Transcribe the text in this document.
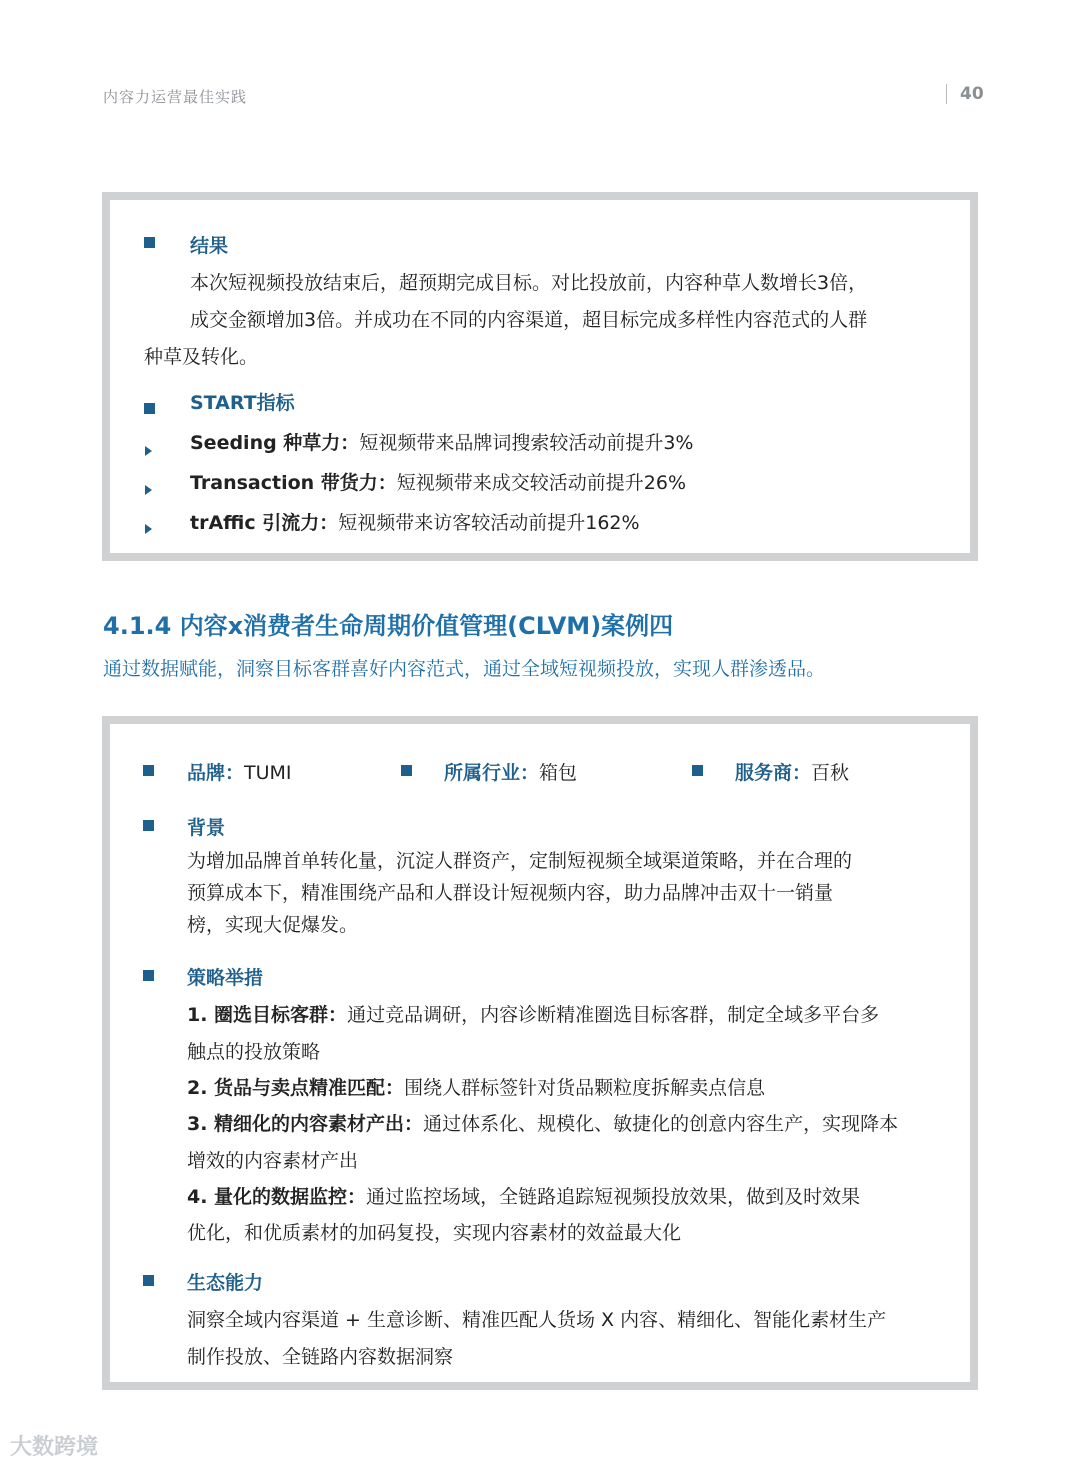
内容力运营最佳实践	40
结果
本次短视频投放结束后，超预期完成目标。对比投放前，内容种草人数增长3倍，
成交金额增加3倍。并成功在不同的内容渠道，超目标完成多样性内容范式的人群
种草及转化。
START指标
Seeding 种草力：短视频带来品牌词搜索较活动前提升3%
Transaction 带货力：短视频带来成交较活动前提升26%
trAffic 引流力：短视频带来访客较活动前提升162%
4.1.4 内容x消费者生命周期价值管理(CLVM)案例四
通过数据赋能，洞察目标客群喜好内容范式，通过全域短视频投放，实现人群渗透品。
品牌：TUMI	所属行业：箱包	服务商：百秋
背景
为增加品牌首单转化量，沉淀人群资产，定制短视频全域渠道策略，并在合理的
预算成本下，精准围绕产品和人群设计短视频内容，助力品牌冲击双十一销量
榜，实现大促爆发。
策略举措
1. 圈选目标客群：通过竞品调研，内容诊断精准圈选目标客群，制定全域多平台多
触点的投放策略
2. 货品与卖点精准匹配：围绕人群标签针对货品颗粒度拆解卖点信息
3. 精细化的内容素材产出：通过体系化、规模化、敏捷化的创意内容生产，实现降本
增效的内容素材产出
4. 量化的数据监控：通过监控场域，全链路追踪短视频投放效果，做到及时效果
优化，和优质素材的加码复投，实现内容素材的效益最大化
生态能力
洞察全域内容渠道 + 生意诊断、精准匹配人货场 X 内容、精细化、智能化素材生产
制作投放、全链路内容数据洞察
大数跨境
